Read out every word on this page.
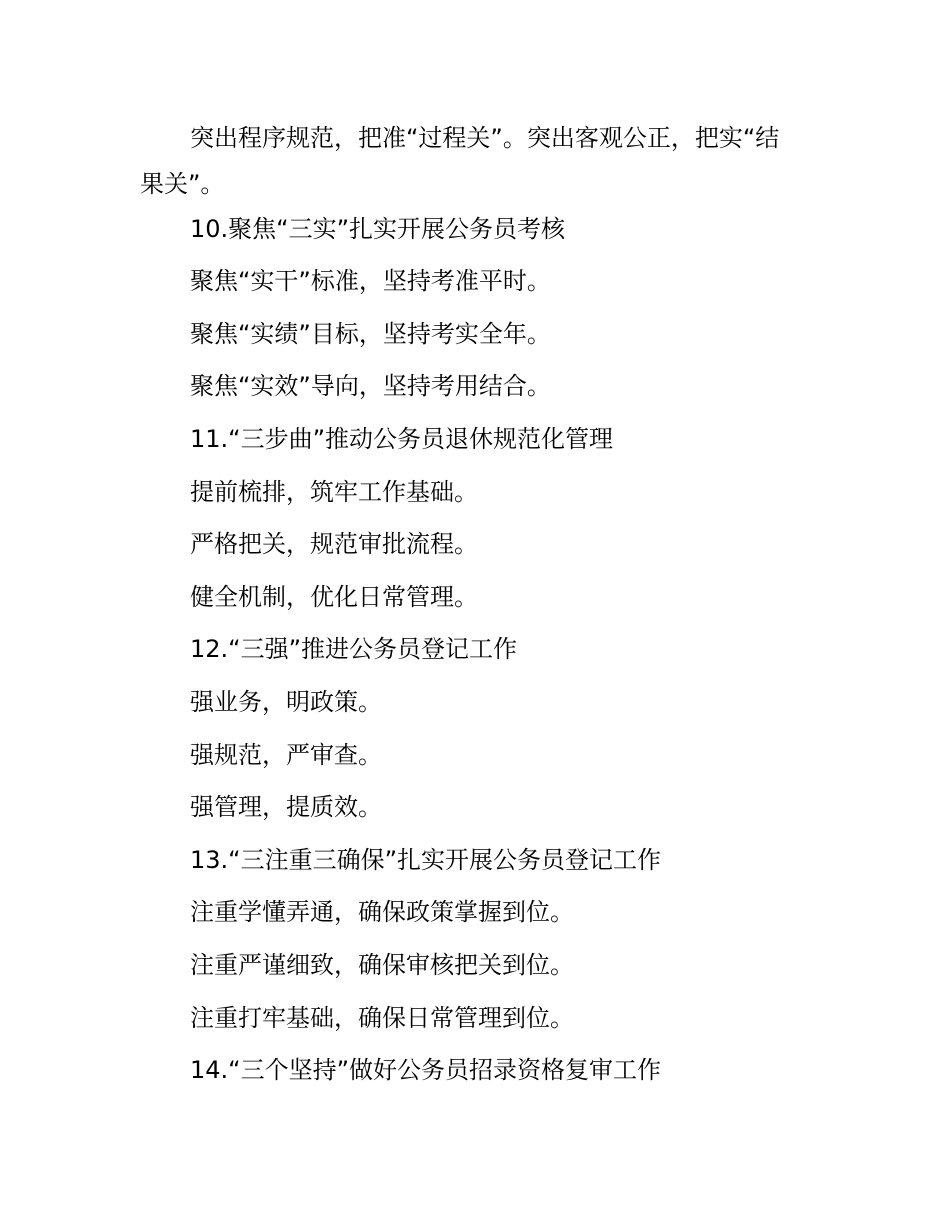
突出程序规范，把准“过程关”。突出客观公正，把实“结
果关”。

10.聚焦“三实”扎实开展公务员考核

聚焦“实干”标准，坚持考准平时。

聚焦“实绩”目标，坚持考实全年。

聚焦“实效”导向，坚持考用结合。

11.“三步曲”推动公务员退休规范化管理

提前梳排，筑牢工作基础。

严格把关，规范审批流程。

健全机制，优化日常管理。

12.“三强”推进公务员登记工作

强业务，明政策。

强规范，严审查。

强管理，提质效。

13.“三注重三确保”扎实开展公务员登记工作

注重学懂弄通，确保政策掌握到位。

注重严谨细致，确保审核把关到位。

注重打牢基础，确保日常管理到位。

14.“三个坚持”做好公务员招录资格复审工作
